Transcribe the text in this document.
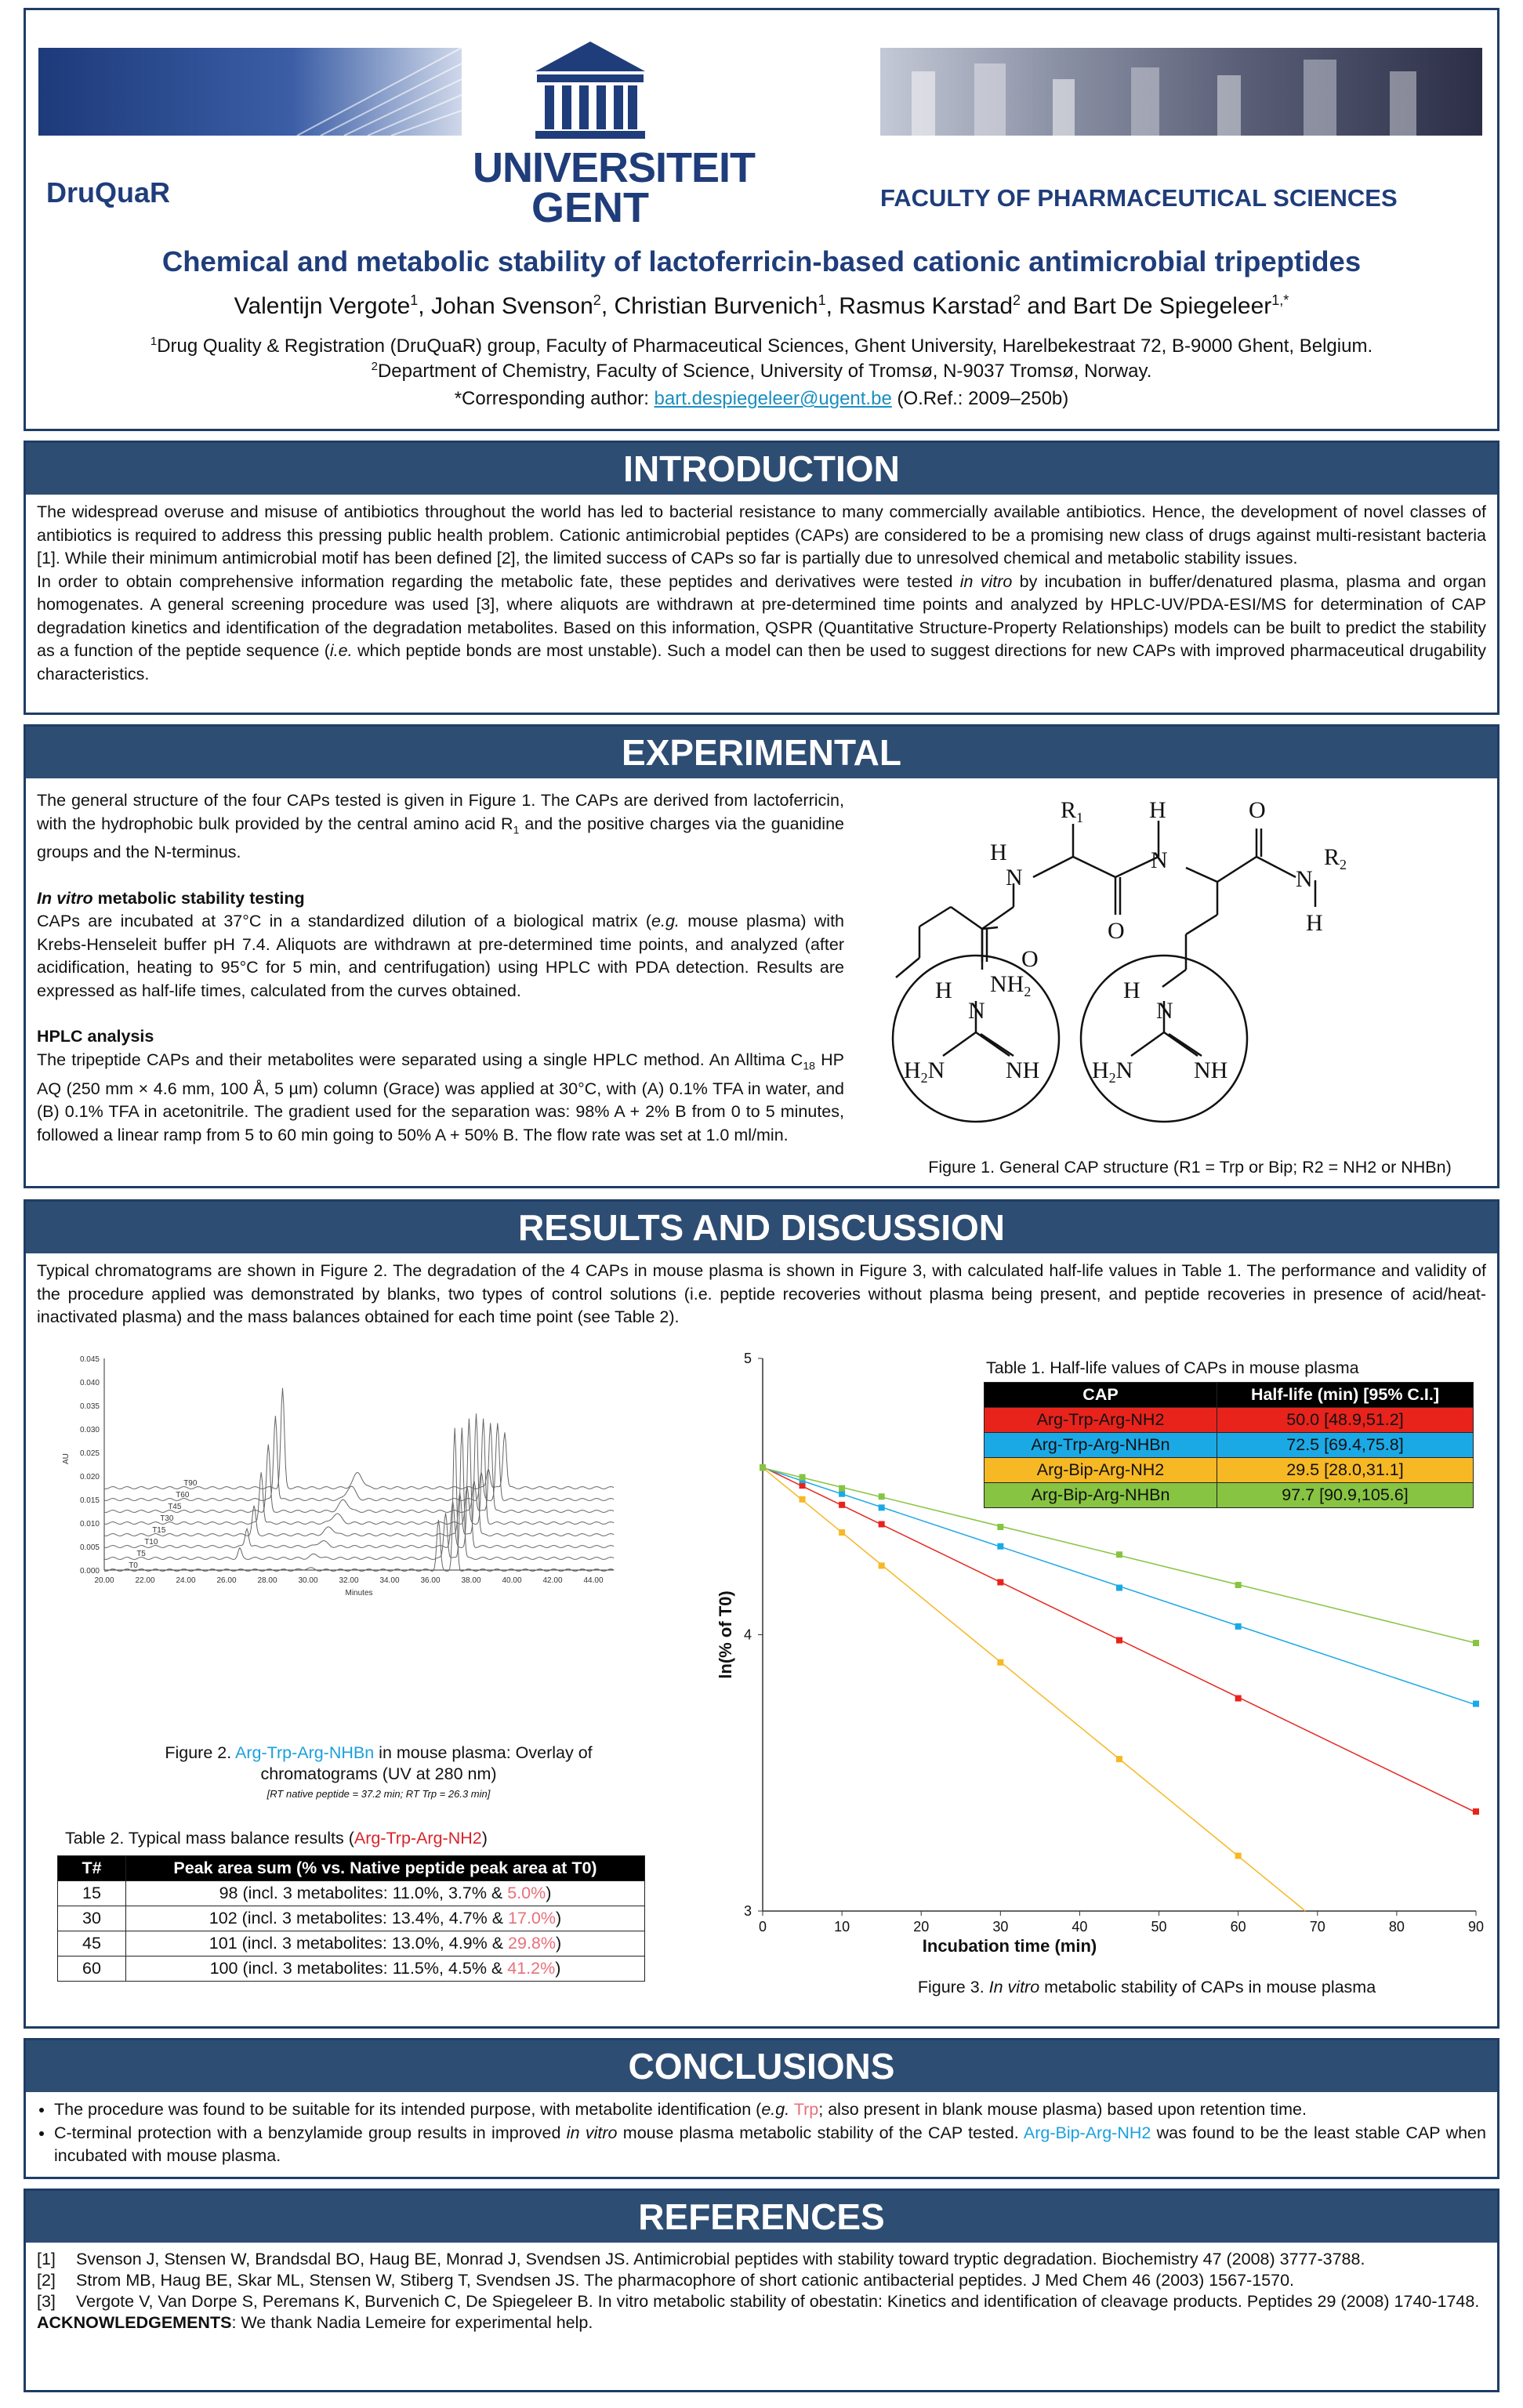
UNIVERSITEIT
GENT
DruQuaR	FACULTY OF PHARMACEUTICAL SCIENCES
Chemical and metabolic stability of lactoferricin-based cationic antimicrobial tripeptides
Valentijn Vergote$^1$, Johan Svenson$^2$, Christian Burvenich$^1$, Rasmus Karstad$^2$ and Bart De Spiegeleer$^{1,*}$
$^1$Drug Quality & Registration (DruQuaR) group, Faculty of Pharmaceutical Sciences, Ghent University, Harelbekestraat 72, B-9000 Ghent, Belgium.
$^2$Department of Chemistry, Faculty of Science, University of Tromsø, N-9037 Tromsø, Norway.
*Corresponding author: bart.despiegeleer@ugent.be (O.Ref.: 2009–250b)
INTRODUCTION
The widespread overuse and misuse of antibiotics throughout the world has led to bacterial resistance to many commercially available antibiotics. Hence, the development of novel classes of antibiotics is required to address this pressing public health problem. Cationic antimicrobial peptides (CAPs) are considered to be a promising new class of drugs against multi-resistant bacteria [1]. While their minimum antimicrobial motif has been defined [2], the limited success of CAPs so far is partially due to unresolved chemical and metabolic stability issues.
In order to obtain comprehensive information regarding the metabolic fate, these peptides and derivatives were tested in vitro by incubation in buffer/denatured plasma, plasma and organ homogenates. A general screening procedure was used [3], where aliquots are withdrawn at pre-determined time points and analyzed by HPLC-UV/PDA-ESI/MS for determination of CAP degradation kinetics and identification of the degradation metabolites. Based on this information, QSPR (Quantitative Structure-Property Relationships) models can be built to predict the stability as a function of the peptide sequence (i.e. which peptide bonds are most unstable). Such a model can then be used to suggest directions for new CAPs with improved pharmaceutical drugability characteristics.
EXPERIMENTAL
The general structure of the four CAPs tested is given in Figure 1. The CAPs are derived from lactoferricin, with the hydrophobic bulk provided by the central amino acid $R_1$ and the positive charges via the guanidine groups and the N-terminus.
In vitro metabolic stability testing
CAPs are incubated at 37°C in a standardized dilution of a biological matrix (e.g. mouse plasma) with Krebs-Henseleit buffer pH 7.4. Aliquots are withdrawn at pre-determined time points, and analyzed (after acidification, heating to 95°C for 5 min, and centrifugation) using HPLC with PDA detection. Results are expressed as half-life times, calculated from the curves obtained.
HPLC analysis
The tripeptide CAPs and their metabolites were separated using a single HPLC method. An Alltima $C_{18}$ HP AQ (250 mm × 4.6 mm, 100 Å, 5 µm) column (Grace) was applied at 30°C, with (A) 0.1% TFA in water, and (B) 0.1% TFA in acetonitrile. The gradient used for the separation was: 98% A + 2% B from 0 to 5 minutes, followed a linear ramp from 5 to 60 min going to 50% A + 50% B. The flow rate was set at 1.0 ml/min.
$R_1$	H	O
H
N
N
N
$R_2$
H
O
O
$NH_2$
H
N
$H_2N$	NH
H
N
$H_2N$	NH
Figure 1. General CAP structure (R1 = Trp or Bip; R2 = NH2 or NHBn)
RESULTS AND DISCUSSION
Typical chromatograms are shown in Figure 2. The degradation of the 4 CAPs in mouse plasma is shown in Figure 3, with calculated half-life values in Table 1. The performance and validity of the procedure applied was demonstrated by blanks, two types of control solutions (i.e. peptide recoveries without plasma being present, and peptide recoveries in presence of acid/heat-inactivated plasma) and the mass balances obtained for each time point (see Table 2).
0.000
0.005
0.010
0.015
0.020
0.025
0.030
0.035
0.040
0.045
20.00	22.00	24.00	26.00	28.00	30.00	32.00	34.00	36.00	38.00	40.00	42.00	44.00
Minutes
AU
T0
T5
T10
T15
T30
T45
T60
T90
Figure 2. Arg-Trp-Arg-NHBn in mouse plasma: Overlay of chromatograms (UV at 280 nm)
[RT native peptide = 37.2 min; RT Trp = 26.3 min]
Table 2. Typical mass balance results (Arg-Trp-Arg-NH2)
T#	Peak area sum (% vs. Native peptide peak area at T0)
15	98 (incl. 3 metabolites: 11.0%, 3.7% & 5.0%)
30	102 (incl. 3 metabolites: 13.4%, 4.7% & 17.0%)
45	101 (incl. 3 metabolites: 13.0%, 4.9% & 29.8%)
60	100 (incl. 3 metabolites: 11.5%, 4.5% & 41.2%)
0	10	20	30	40	50	60	70	80	90
3
4
5
Incubation time (min)
ln(% of T0)
Table 1. Half-life values of CAPs in mouse plasma
CAP	Half-life (min) [95% C.I.]
Arg-Trp-Arg-NH2	50.0 [48.9,51.2]
Arg-Trp-Arg-NHBn	72.5 [69.4,75.8]
Arg-Bip-Arg-NH2	29.5 [28.0,31.1]
Arg-Bip-Arg-NHBn	97.7 [90.9,105.6]
Figure 3. In vitro metabolic stability of CAPs in mouse plasma
CONCLUSIONS
• The procedure was found to be suitable for its intended purpose, with metabolite identification (e.g. Trp; also present in blank mouse plasma) based upon retention time.
• C-terminal protection with a benzylamide group results in improved in vitro mouse plasma metabolic stability of the CAP tested. Arg-Bip-Arg-NH2 was found to be the least stable CAP when incubated with mouse plasma.
REFERENCES
[1]	Svenson J, Stensen W, Brandsdal BO, Haug BE, Monrad J, Svendsen JS. Antimicrobial peptides with stability toward tryptic degradation. Biochemistry 47 (2008) 3777-3788.
[2]	Strom MB, Haug BE, Skar ML, Stensen W, Stiberg T, Svendsen JS. The pharmacophore of short cationic antibacterial peptides. J Med Chem 46 (2003) 1567-1570.
[3]	Vergote V, Van Dorpe S, Peremans K, Burvenich C, De Spiegeleer B. In vitro metabolic stability of obestatin: Kinetics and identification of cleavage products. Peptides 29 (2008) 1740-1748.
ACKNOWLEDGEMENTS: We thank Nadia Lemeire for experimental help.
